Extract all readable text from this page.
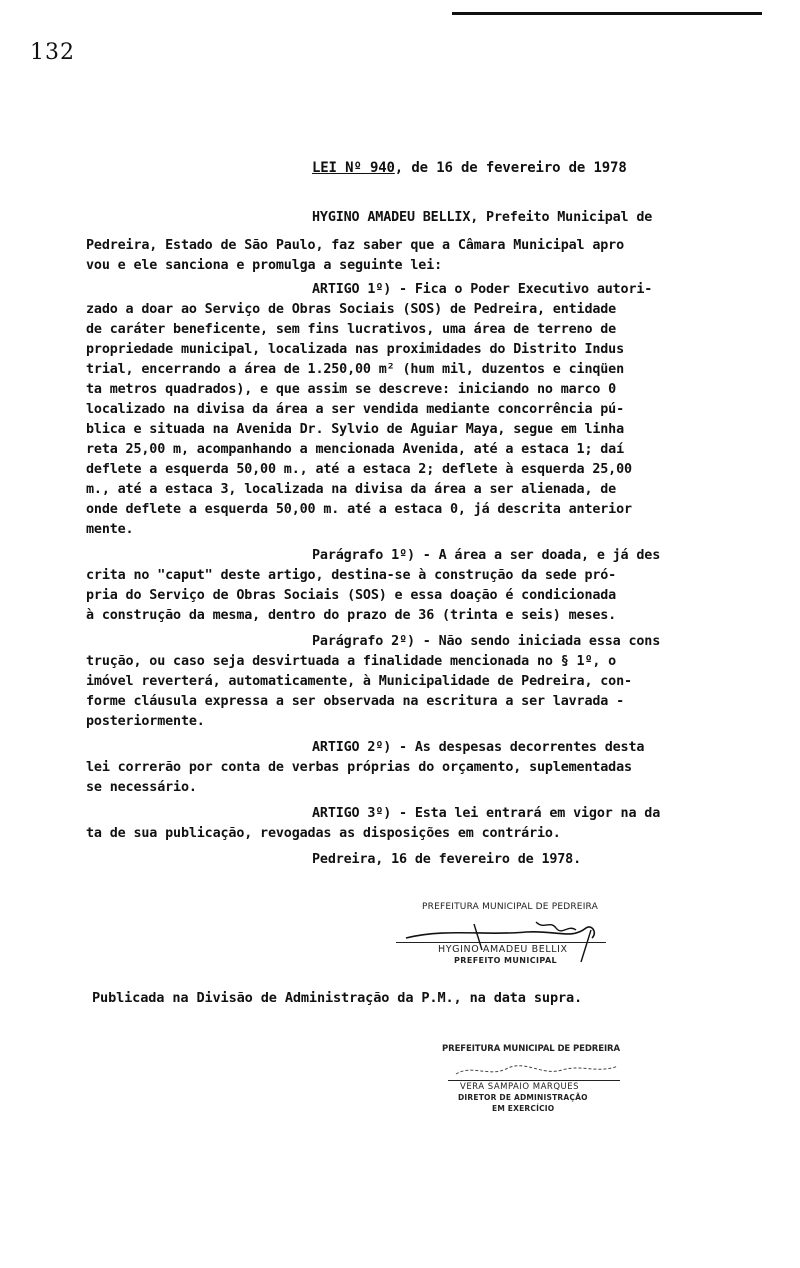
132

LEI Nº 940, de 16 de fevereiro de 1978

HYGINO AMADEU BELLIX, Prefeito Municipal de

Pedreira, Estado de São Paulo, faz saber que a Câmara Municipal apro

vou e ele sanciona e promulga a seguinte lei:

ARTIGO 1º) - Fica o Poder Executivo autori-

zado a doar ao Serviço de Obras Sociais (SOS) de Pedreira, entidade

de caráter beneficente, sem fins lucrativos, uma área de terreno de

propriedade municipal, localizada nas proximidades do Distrito Indus

trial, encerrando a área de 1.250,00 m² (hum mil, duzentos e cinqüen

ta metros quadrados), e que assim se descreve: iniciando no marco 0

localizado na divisa da área a ser vendida mediante concorrência pú-

blica e situada na Avenida Dr. Sylvio de Aguiar Maya, segue em linha

reta 25,00 m, acompanhando a mencionada Avenida, até a estaca 1; daí

deflete a esquerda 50,00 m., até a estaca 2; deflete à esquerda 25,00

m., até a estaca 3, localizada na divisa da área a ser alienada, de

onde deflete a esquerda 50,00 m. até a estaca 0, já descrita anterior

mente.

Parágrafo 1º) - A área a ser doada, e já des

crita no "caput" deste artigo, destina-se à construção da sede pró-

pria do Serviço de Obras Sociais (SOS) e essa doação é condicionada

à construção da mesma, dentro do prazo de 36 (trinta e seis) meses.

Parágrafo 2º) - Não sendo iniciada essa cons

trução, ou caso seja desvirtuada a finalidade mencionada no § 1º, o

imóvel reverterá, automaticamente, à Municipalidade de Pedreira, con-

forme cláusula expressa a ser observada na escritura a ser lavrada -

posteriormente.

ARTIGO 2º) - As despesas decorrentes desta

lei correrão por conta de verbas próprias do orçamento, suplementadas

se necessário.

ARTIGO 3º) - Esta lei entrará em vigor na da

ta de sua publicação, revogadas as disposições em contrário.

Pedreira, 16 de fevereiro de 1978.

PREFEITURA MUNICIPAL DE PEDREIRA
HYGINO AMADEU BELLIX
PREFEITO MUNICIPAL

Publicada na Divisão de Administração da P.M., na data supra.

PREFEITURA MUNICIPAL DE PEDREIRA
VERA SAMPAIO MARQUES
DIRETOR DE ADMINISTRAÇÃO
EM EXERCÍCIO
